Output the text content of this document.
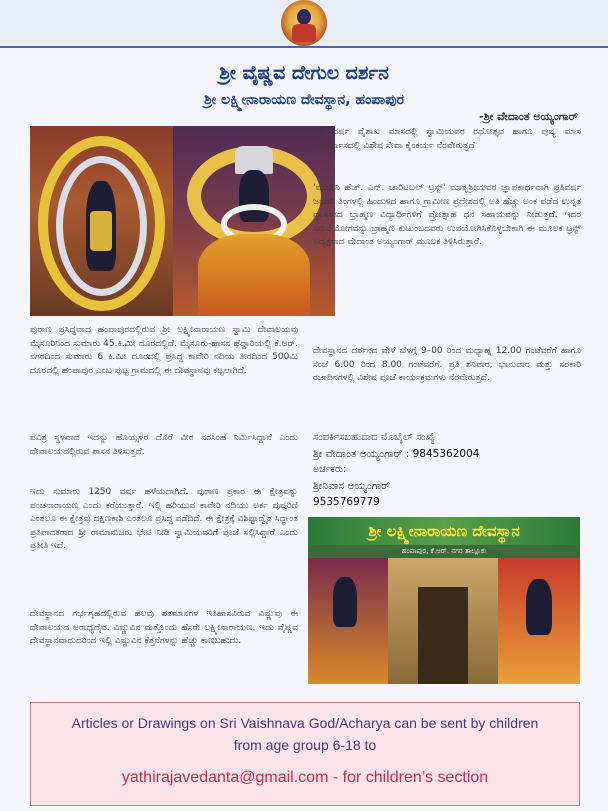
ಶ್ರೀ ವೈಷ್ಣವ ದೇಗುಲ ದರ್ಶನ
ಶ್ರೀ ಲಕ್ಷ್ಮೀನಾರಾಯಣ ದೇವಸ್ಥಾನ, ಹಂಪಾಪುರ
-ಶ್ರೀ ವೇದಾಂತ ಅಯ್ಯಂಗಾರ್

ಪುರಾಣ ಪ್ರಸಿದ್ಧವಾದ ಹಂಪಾಪುರದಲ್ಲಿರುವ ಶ್ರೀ ಲಕ್ಷ್ಮೀನಾರಾಯಣ ಸ್ವಾಮಿ ದೇವಾಲಯವು ಮೈಸೂರಿನಿಂದ ಸುಮಾರು 45.ಕಿ.ಮೀ ದೂರದಲ್ಲಿದೆ. ಮೈಸೂರು-ಹಾಸನ ಹೆದ್ದಾರಿಯಲ್ಲಿ ಕೆ.ಆರ್. ನಗರದಿಂದ ಸುಮಾರು 6 ಕಿ.ಮೀ ದೂರದಲ್ಲಿ ಪ್ರಸಿದ್ಧ ಕಾವೇರಿ ನದಿಯ ತೀರದಿಂದ 500ಮಿ ದೂರದಲ್ಲಿ ಹಂಪಾಪುರ ಎಂಬ ಪುಟ್ಟ ಗ್ರಾಮದಲ್ಲಿ ಈ ದೇವಸ್ಥಾನವು ಕಟ್ಟಲಾಗಿದೆ.

ಪವಿತ್ರ ಸ್ಥಳವಾದ ಇದನ್ನು ಹೊಯ್ಸಳರ ದೊರೆ ವೀರ ನರಸಿಂಹ ನಿರ್ಮಿಸಿದ್ದಾನೆ ಎಂದು ದೇವಾಲಯದಲ್ಲಿರುವ ಶಾಸನ ತಿಳಿಸುತ್ತದೆ.

ಇದು ಸುಮಾರು 1250 ವರ್ಷ ಹಳೆಯದಾಗಿದೆ. ಪುರಾಣ ಪ್ರಕಾರ ಈ ಕ್ಷೇತ್ರವನ್ನು ಪಂಚನಾರಾಯಣ ಎಂದು ಕರೆಯುತ್ತಾರೆ. ಇಲ್ಲಿ ಹರಿಯುವ ಕಾವೇರಿ ನದಿಯು ಅರ್ಕ ಪುಷ್ಕರಿಣಿ ಎಂತಲೂ ಈ ಕ್ಷೇತ್ರವು ದಕ್ಷಿಣಕಾಶಿ ಎಂತಲೂ ಪ್ರಸಿದ್ಧ ಪಡೆದಿದೆ. ಈ ಕ್ಷೇತ್ರಕ್ಕೆ ವಿಶಿಷ್ಟಾದ್ವೈತ ಸಿದ್ಧಾಂತ ಪ್ರತಿಪಾದಕರಾದ ಶ್ರೀ ರಾಮಾನುಜರು ಭೇಟಿ ನೀಡಿ ಸ್ವಾಮಿಯವರಿಗೆ ಪೂಜೆ ಸಲ್ಲಿಸಿದ್ದಾರೆ ಎಂದು ಪ್ರತೀತಿ ಇದೆ.

ದೇವಸ್ಥಾನದ ಗರ್ಭಗೃಹದಲ್ಲಿರುವ ಹಲವು ಶತಮಾನಗಳ ಇತಿಹಾಸವಿರುವ ವಿಷ್ಣುವು ಈ ದೇವಾಲಯದ ಆರಾಧ್ಯದೈವ. ವಿಷ್ಣುವಿನ ಮತ್ತೊಂದು ಹೆಸರೇ ಲಕ್ಷ್ಮೀನಾರಾಯಣ. ಇದು ವೈಷ್ಣವ ದೇವಸ್ಥಾನವಾದುದರಿಂದ ಇಲ್ಲಿ ವಿಷ್ಣುವಿನ ಕೆತ್ತನೆಗಳನ್ನು ಹೆಚ್ಚು ಕಾಣಬಹುದು.

ಪ್ರತಿ ವರ್ಷ ವೈಶಾಖ ಮಾಸದಲ್ಲಿ ಸ್ವಾಮಿಯವರ ರಥೋತ್ಸವ ಹಾಗೂ ಪುಷ್ಯ ಮಾಸ ಧನುರ್ಮಾಸದಲ್ಲಿ ವಿಶೇಷ ಸೇವಾ ಕೈಂಕರ್ಯ ನೆರವೇರುತ್ತದೆ

'ವಾತಲಿನಿ ಹೆಚ್. ಎನ್. ಚಾರಿಟಬಲ್ ಟ್ರಸ್ಟ್' ಮಾತೃಶ್ರೀಯವರ ಜ್ಞಾಪಕಾರ್ಥವಾಗಿ ಪ್ರತಿವರ್ಷ ಜನವರಿ ತಿಂಗಳಲ್ಲಿ ಹಿಂದುಳಿದ ಹಾಗೂ ಗ್ರಾಮೀಣ ಪ್ರದೇಶದಲ್ಲಿ ಅತಿ ಹೆಚ್ಚು ಅಂಕ ಪಡೆದ ಉನ್ನತ ವ್ಯಾಸಂಗದ ಬ್ರಾಹ್ಮಣ ವಿದ್ಯಾರ್ಥಿಗಳಿಗೆ ಪ್ರೋತ್ಸಾಹ ಧನ ಸಹಾಯವನ್ನು ನೀಡುತ್ತದೆ. ಇದರ ಸದುಪಯೋಗವನ್ನು ಬ್ರಾಹ್ಮಣ ಕುಟುಂಬದವರು ಉಪಯೋಗಿಸಿಕೊಳ್ಳಬೇಕಾಗಿ ಈ ಮೂಲಕ ಟ್ರಸ್ಟ್ ಅಧ್ಯಕ್ಷರಾದ ವೇದಾಂತ ಅಯ್ಯಂಗಾರ್ ಮೂಲಕ ತಿಳಿಸಿರುತ್ತಾರೆ.

ದೇವಸ್ಥಾನದ ದರ್ಶನದ ವೇಳೆ ಬೆಳಗ್ಗೆ 9–00 ರಿಂದ ಮಧ್ಯಾಹ್ನ 12.00 ಗಂಟೆವರೆಗೆ ಹಾಗೂ ಸಂಜೆ 6.00 ರಿಂದ 8.00 ಗಂಟೆವರೆಗೆ. ಪ್ರತಿ ಶನಿವಾರ, ಭಾನುವಾರ ಮತ್ತು ಸರಕಾರಿ ರಜಾದಿನಗಳಲ್ಲಿ ವಿಶೇಷ ಪೂಜೆ ಕಾರ್ಯಕ್ರಮಗಳು ನೆರವೇರುತ್ತದೆ.

ಸಂಪರ್ಕಿಸಬಹುದಾದ ಮೊಬೈಲ್ ಸಂಖ್ಯೆ
ಶ್ರೀ ವೇದಾಂತ ಅಯ್ಯಂಗಾರ್ : 9845362004
ಅರ್ಚಕರು:
ಶ್ರೀನಿವಾಸ ಅಯ್ಯಂಗಾರ್
9535769779
ಶ್ರೀ ಲಕ್ಷ್ಮೀನಾರಾಯಣ ದೇವಸ್ಥಾನ
ಹಂಪಾಪುರ, ಕೆ.ಆರ್. ನಗರ ತಾಲ್ಲೂಕು
Articles or Drawings on Sri Vaishnava God/Acharya can be sent by children
from age group 6-18 to
yathirajavedanta@gmail.com - for children’s section
